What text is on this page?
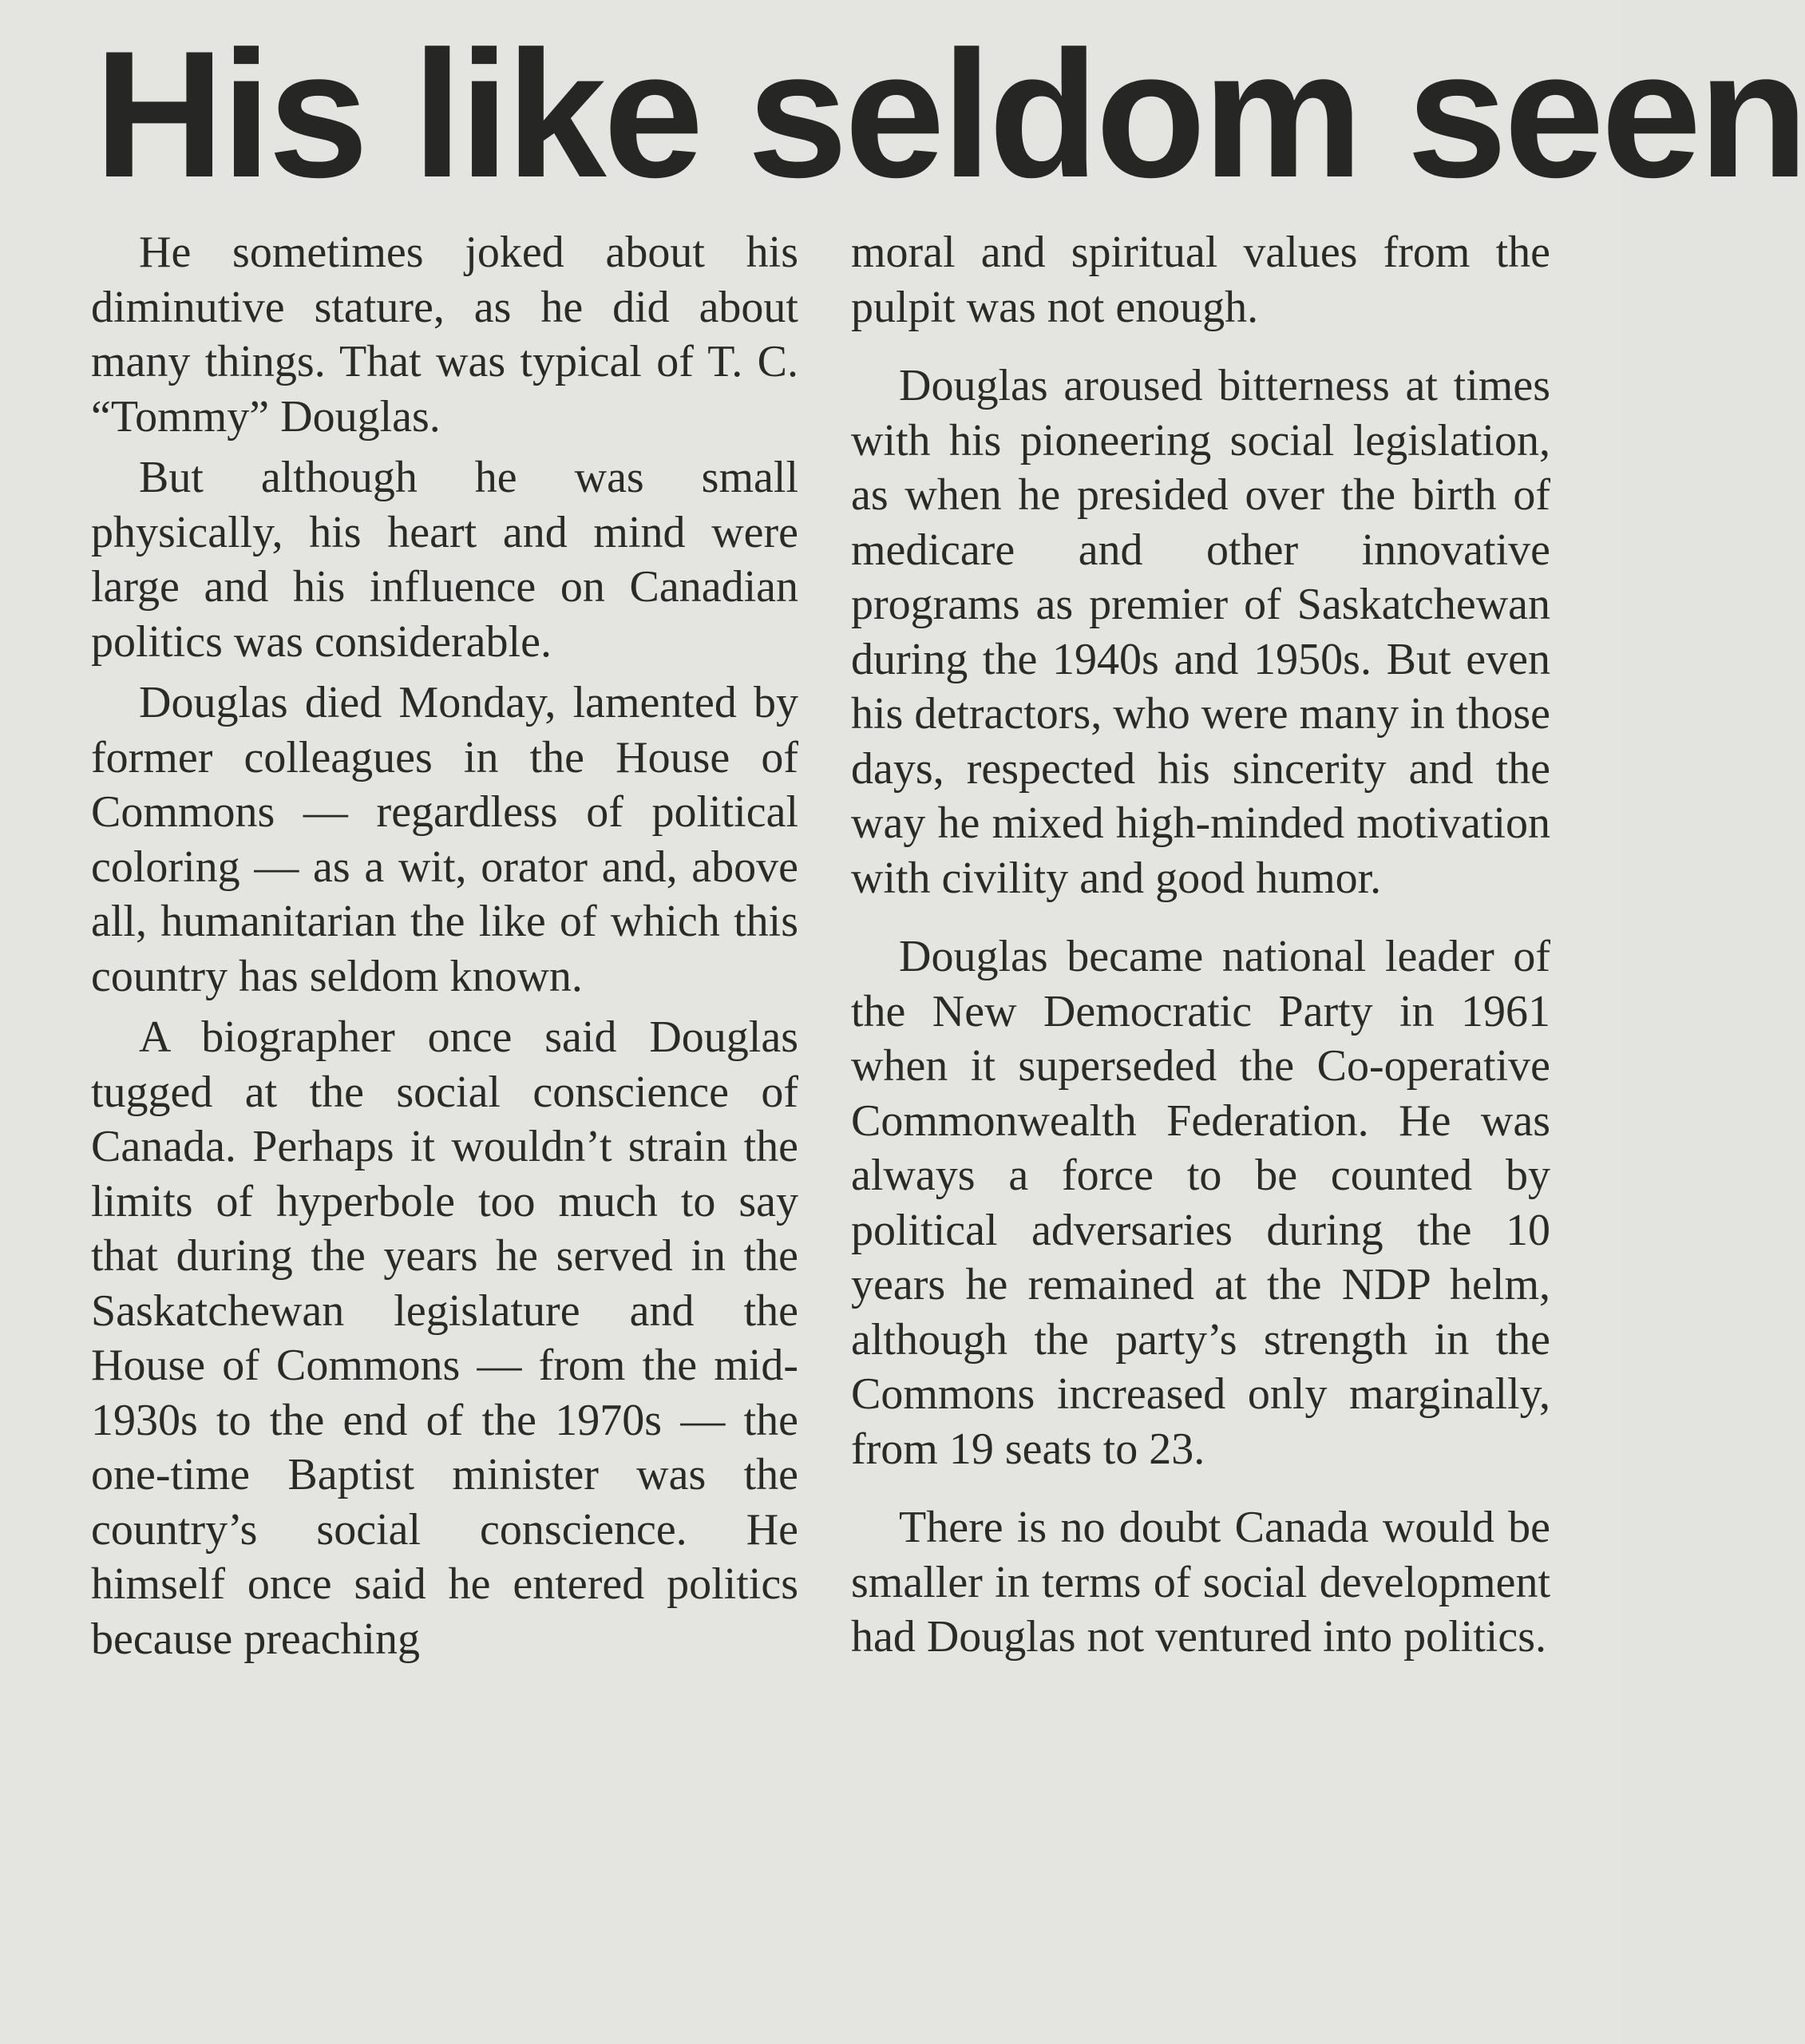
His like seldom seen

He sometimes joked about his diminutive stature, as he did about many things. That was typical of T. C. “Tommy” Douglas.

But although he was small physically, his heart and mind were large and his influence on Canadian politics was considerable.

Douglas died Monday, lamented by former colleagues in the House of Commons — regardless of political coloring — as a wit, orator and, above all, humanitarian the like of which this country has seldom known.

A biographer once said Douglas tugged at the social conscience of Canada. Perhaps it wouldn’t strain the limits of hyperbole too much to say that during the years he served in the Saskatchewan legislature and the House of Commons — from the mid-1930s to the end of the 1970s — the one-time Baptist minister was the country’s social conscience. He himself once said he entered politics because preaching

moral and spiritual values from the pulpit was not enough.

Douglas aroused bitterness at times with his pioneering social legislation, as when he presided over the birth of medicare and other innovative programs as premier of Saskatchewan during the 1940s and 1950s. But even his detractors, who were many in those days, respected his sincerity and the way he mixed high-minded motivation with civility and good humor.

Douglas became national leader of the New Democratic Party in 1961 when it superseded the Co-operative Commonwealth Federation. He was always a force to be counted by political adversaries during the 10 years he remained at the NDP helm, although the party’s strength in the Commons increased only marginally, from 19 seats to 23.

There is no doubt Canada would be smaller in terms of social development had Douglas not ventured into politics.
